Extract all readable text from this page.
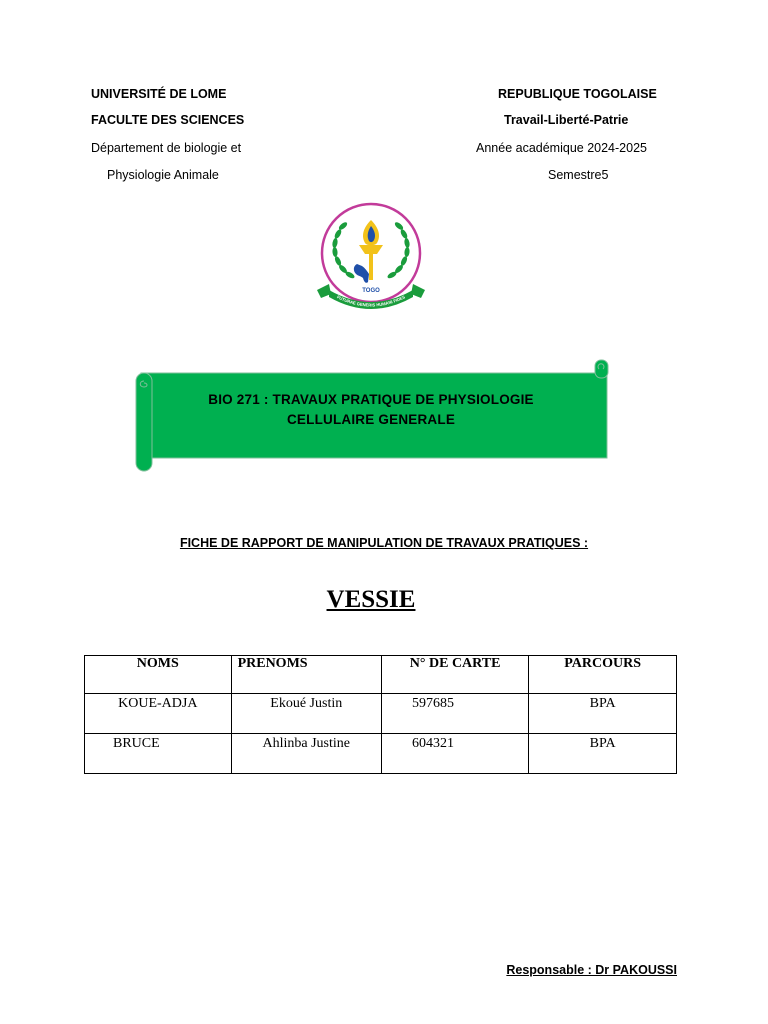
UNIVERSITÉ DE LOME
FACULTE DES SCIENCES
Département de biologie et
Physiologie Animale
REPUBLIQUE TOGOLAISE
Travail-Liberté-Patrie
Année académique 2024-2025
Semestre5
TOGO
FUTURAE GENERIS HUMANI FIDES
BIO 271 : TRAVAUX PRATIQUE DE PHYSIOLOGIE
CELLULAIRE GENERALE
FICHE DE RAPPORT DE MANIPULATION DE TRAVAUX PRATIQUES :
VESSIE
NOMS	PRENOMS	N° DE CARTE	PARCOURS
KOUE-ADJA	Ekoué Justin	597685	BPA
BRUCE	Ahlinba Justine	604321	BPA
Responsable : Dr PAKOUSSI
